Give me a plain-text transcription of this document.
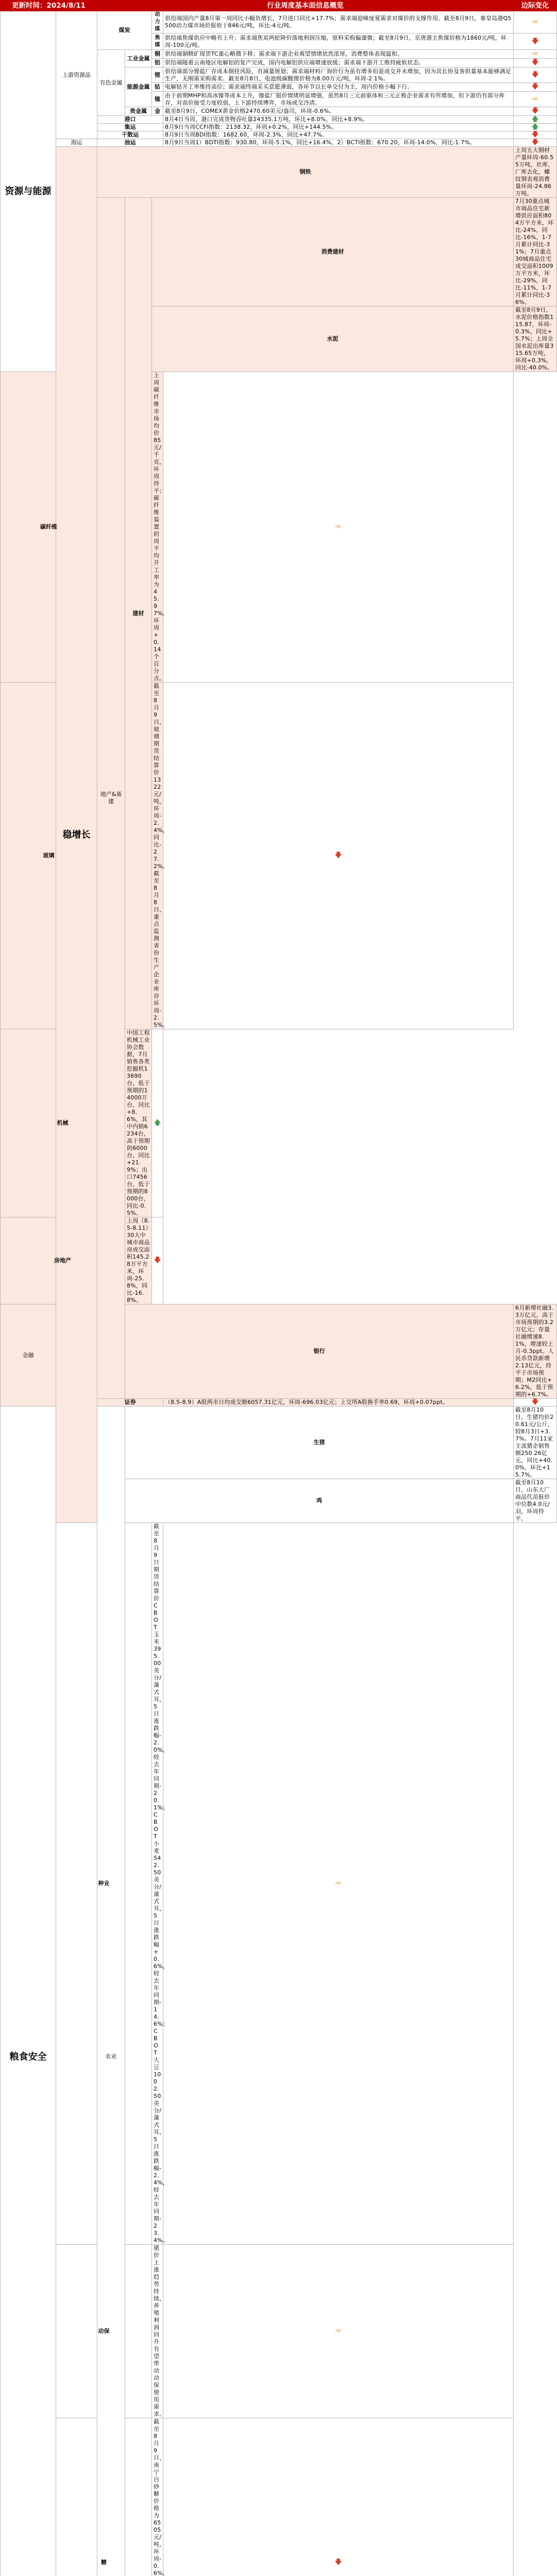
更新时间：2024/8/11		行业周度基本面信息概览				边际变化	
资源与能源	上游资源品	煤炭		动力煤	供给端国内产量8月第一周同比小幅负增长，7月进口同比+17.7%；需求端迎峰度夏需求对煤价的支撑作用。截至8月9日，秦皇岛港Q5500动力煤市场价报收于846元/吨，环比-4元/吨。	⇨	
				焦煤	供给端焦煤供应中略有上升；需求端焦炭两轮降价落地利润压缩，原料采购偏谨慎；截至8月9日，京唐港主焦煤价格为1860元/吨，环周-100元/吨。	🡇	
		有色金属	工业金属	铜	供给端铜精矿现货TC重心略微下移；需求端下游企业观望情绪依然浓厚，消费整体表现温和。	⇨	
				铝	供给端随着云南地区电解铝的复产完成，国内电解铝供应端增速放缓；需求端下游开工维持疲软状态。	🡇	
			能源金属	锂	供给端部分锂盐厂存成本倒挂风险，有减量规划；需求端材料厂询价行为虽有增多但是成交并未增加，因为其长协及客供量基本能够满足生产，无刚需采购需求。截至8月8日，电池级碳酸锂价格为8.00万元/吨，环周-2.1%。	🡇	
				钴	电解钴开工率维持高位；需求端终端采买意愿薄弱，各环节以长单交付为主，周内价格小幅下行。	🡇	
				镍	由于前期MHP和高冰镍等成本上升，镍盐厂挺价情绪明显增强，虽然8月三元前驱体和三元正极企业需求有所增加，但下游仍有部分库存，对高价接受力度较弱，上下游持续博弈，市场成交冷清。	⇨	
			贵金属	金	截至8月9日，COMEX黄金价格2470.60美元/盎司，环周-0.6%。	🡇	
		港口			8月4日当周，港口完成货物吞吐量24335.1万吨，环比+8.0%，同比+8.9%。	🡅	
		集运			8月9日当周CCFI指数：2138.32，环周+0.2%，同比+144.5%。	🡅	
		干散运			8月9日当周BDI指数：1682.60，环周-2.3%，同比+47.7%。	🡇	
	海运	油运			8月9日当周1）BDTI指数：930.80，环周-5.1%，同比+16.4%。2）BCTI指数：670.20，环周-14.0%，同比-1.7%。	🡇	
	稳增长	钢铁				上周五大钢材产量环周-60.55万吨，社库、厂库去化，螺纹钢表观消费量环周-24.86万吨。	
		地产&基建	建材	消费建材		7月30重点城市商品住宅新增供应面积804万平方米，环比-24%，同比-16%，1-7月累计同比-31%；7月重点30城商品住宅成交面积1009万平方米，环比-29%，同比-11%，1-7月累计同比-36%。	
				水泥		截至8月9日，水泥价格指数115.87，环周-0.3%，同比+5.7%；上周全国水泥出库量315.65万吨，环周+0.3%，同比-40.0%。	
碳纤维				上周碳纤维市场均价85元/千克，环周持平；碳纤维装置的周平均开工率为45.97%，环周+0.14个百分点。	⇨		
玻璃				截至8月9日，玻璃期货结算价1322元/吨，环周-2.4%，同比-27.2%。截至8月8日，重点监测省份生产企业库存环周-2.5%。	🡇		
机械			中国工程机械工业协会数据，7月销售各类挖掘机13690台，低于预期的14000万台，同比+8.6%，其中内销6234台，高于预期的6000台，同比+21.9%；出口7456台，低于预期的8000台，同比-0.5%。	🡅			
房地产			上周（8.5-8.11）30大中城市商品房成交面积145.28万平方米，环周-25.8%，同比-16.8%。	🡇			
金融			银行			6月新增社融3.3万亿元，高于市场预期的3.2万亿元；存量社融增速8.1%，增速较上月-0.3ppt。人民币贷款新增2.13亿元，持平于市场预期；M2同比+6.2%，低于预期的+6.7%。	
		证券			（8.5-8.9）A股两市日均成交额6057.31亿元，环周-696.03亿元；上交所A股换手率0.69，环周+0.07ppt。	🡇	
粮食安全		农业	生猪			截至8月10日，生猪均价20.61元/公斤，较8月3日+3.7%。7月11家主流猪企销售额250.26亿元，同比+40.0%，环比+15.7%。	
			鸡			截至8月10日，山东大厂商品代苗报价中位数4.0元/羽，环周持平。	
	种业			截至8月9日期货结算价CBOT玉米395.00美分/蒲式耳，5日涨跌幅-2.0%，较去年同期-20.1%；CBOT小麦542.50美分/蒲式耳，5日涨跌幅+0.6%，较去年同期-14.6%；CBOT大豆1002.50美分/蒲式耳，5日涨跌幅-2.4%，较去年同期-23.4%。	⇨		
	动保			猪价上涨趋势持续，养殖利润回升有望带动动保使用需求。	⇨		
	糖			截至8月9日，南宁白砂糖价格为6505元/吨，环周-0.6%，	🡇		
